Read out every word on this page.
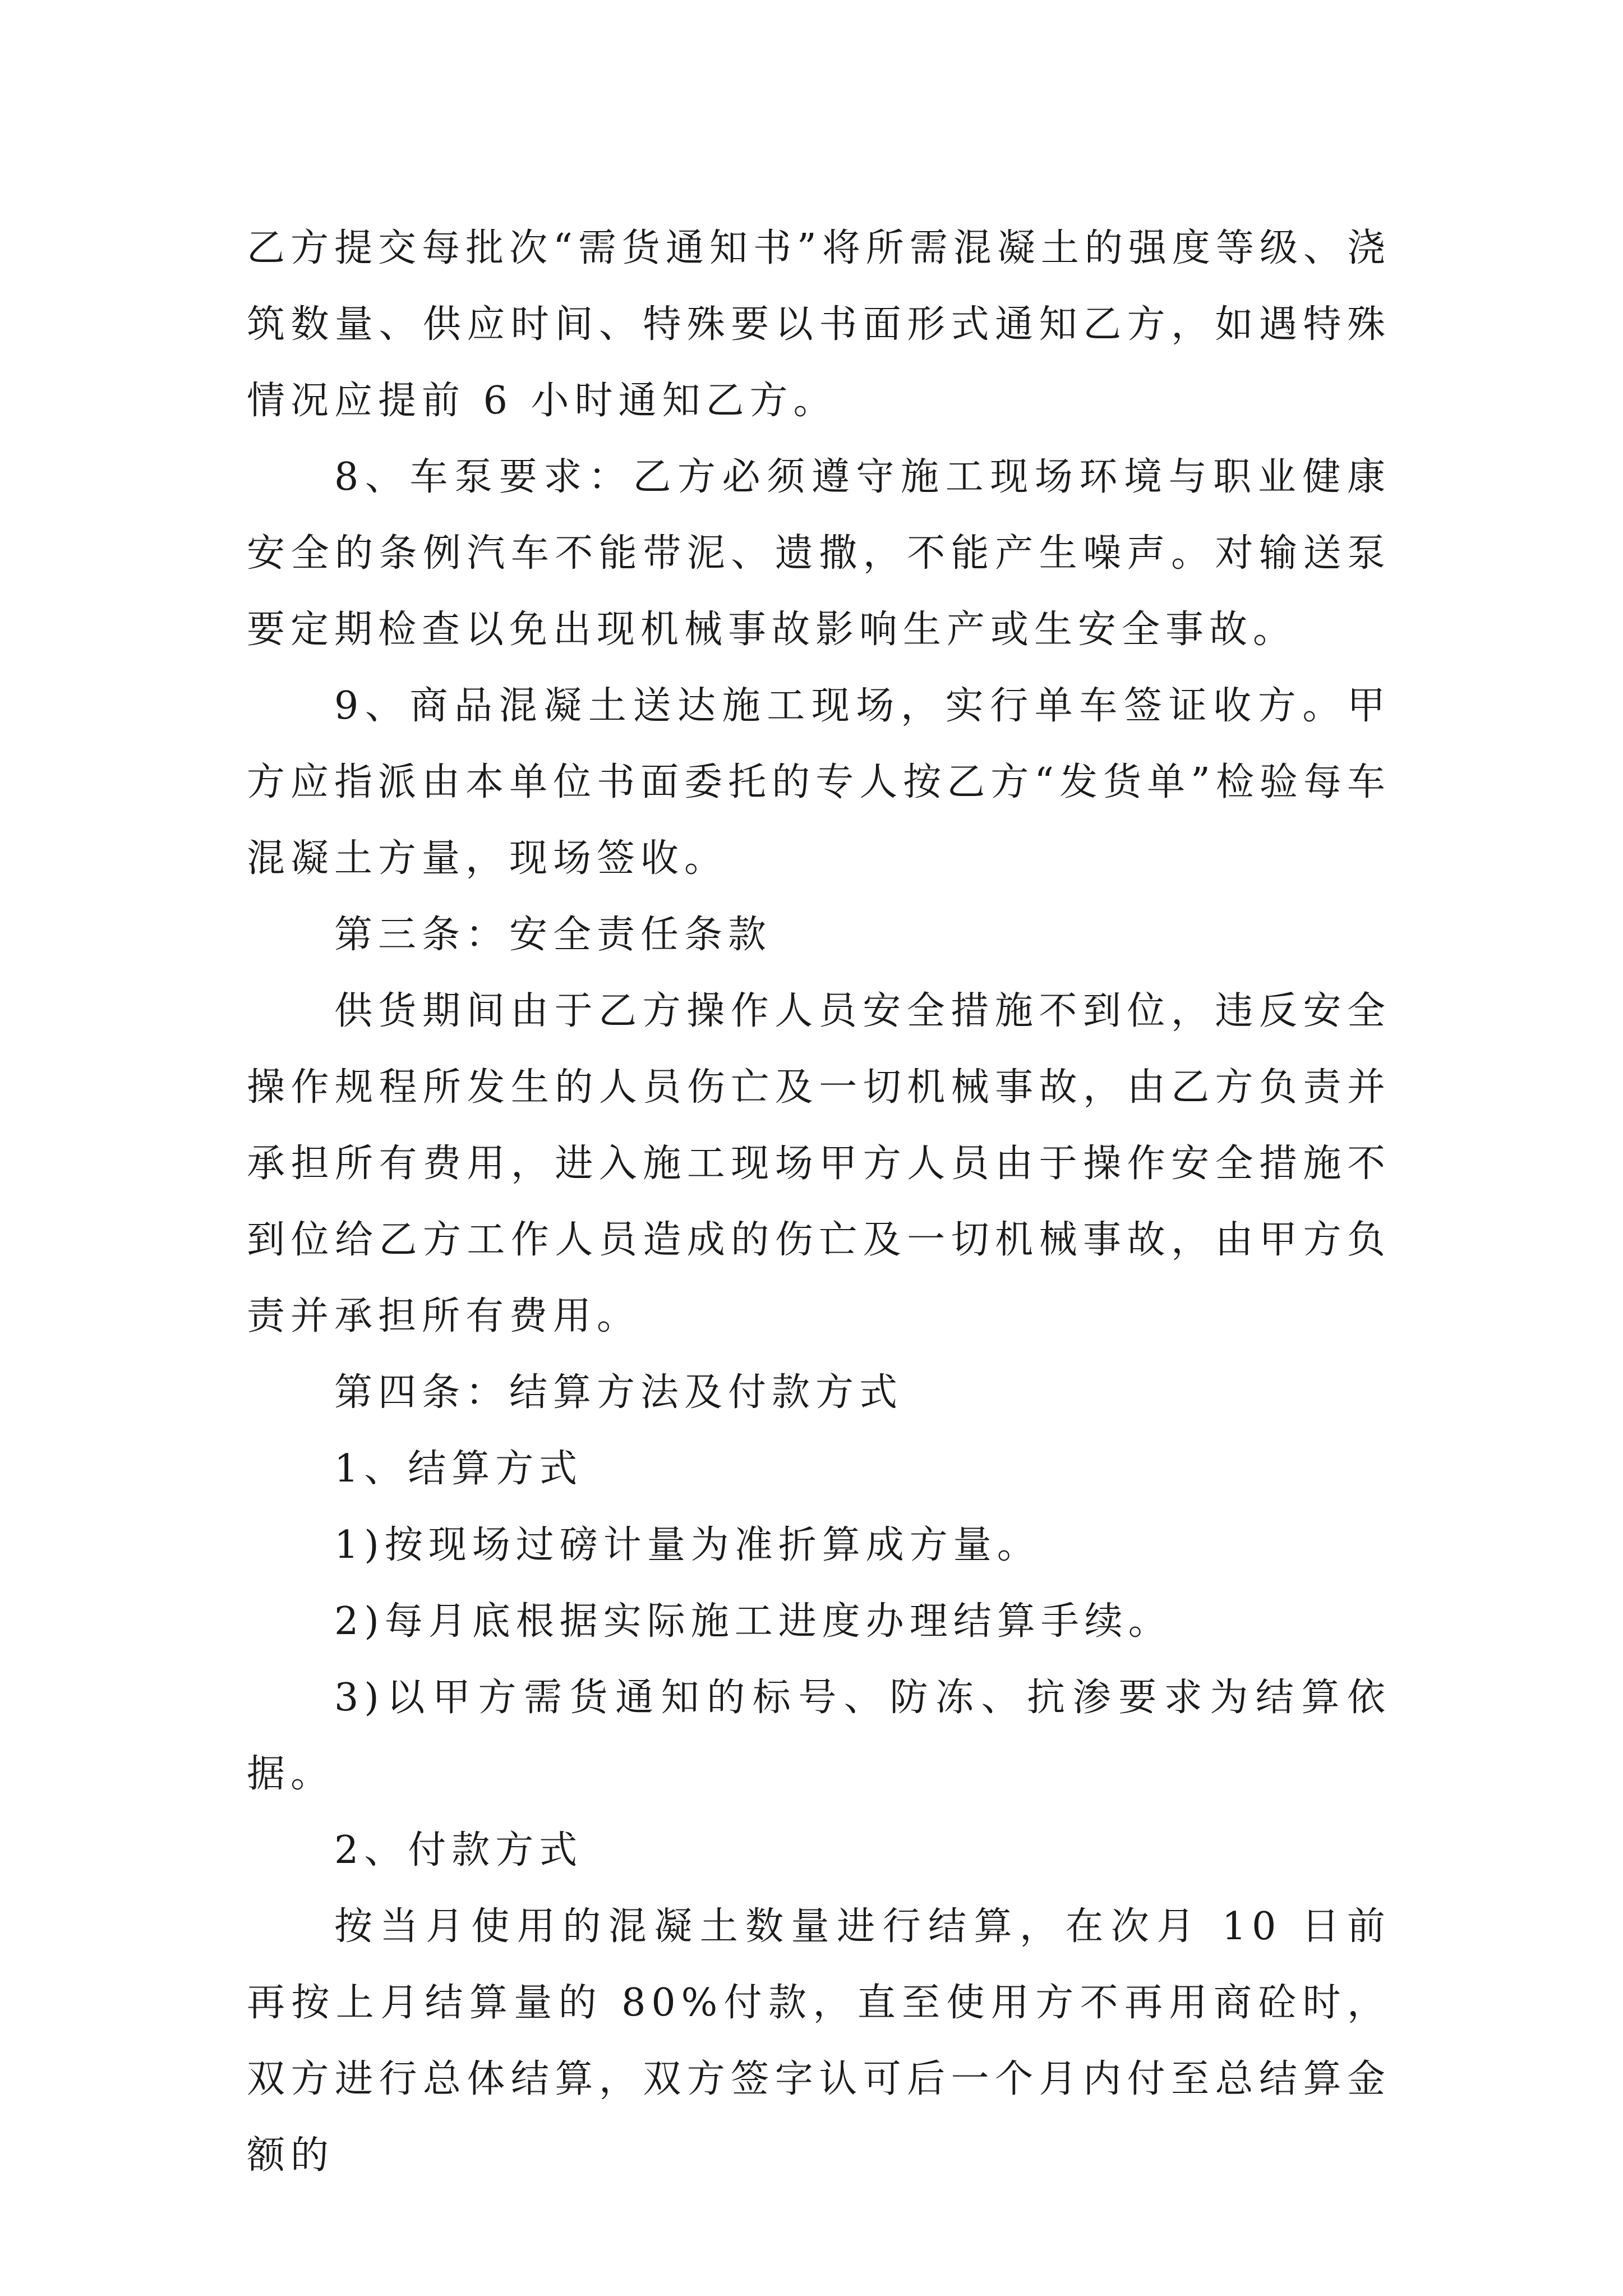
乙方提交每批次“需货通知书”将所需混凝土的强度等级、浇筑数量、供应时间、特殊要以书面形式通知乙方，如遇特殊情况应提前 6 小时通知乙方。

8、车泵要求：乙方必须遵守施工现场环境与职业健康安全的条例汽车不能带泥、遗撒，不能产生噪声。对输送泵要定期检查以免出现机械事故影响生产或生安全事故。

9、商品混凝土送达施工现场，实行单车签证收方。甲方应指派由本单位书面委托的专人按乙方“发货单”检验每车混凝土方量，现场签收。

第三条：安全责任条款

供货期间由于乙方操作人员安全措施不到位，违反安全操作规程所发生的人员伤亡及一切机械事故，由乙方负责并承担所有费用，进入施工现场甲方人员由于操作安全措施不到位给乙方工作人员造成的伤亡及一切机械事故，由甲方负责并承担所有费用。

第四条：结算方法及付款方式

1、结算方式

1)按现场过磅计量为准折算成方量。

2)每月底根据实际施工进度办理结算手续。

3)以甲方需货通知的标号、防冻、抗渗要求为结算依据。

2、付款方式

按当月使用的混凝土数量进行结算，在次月 10 日前再按上月结算量的 80%付款，直至使用方不再用商砼时，双方进行总体结算，双方签字认可后一个月内付至总结算金额的
